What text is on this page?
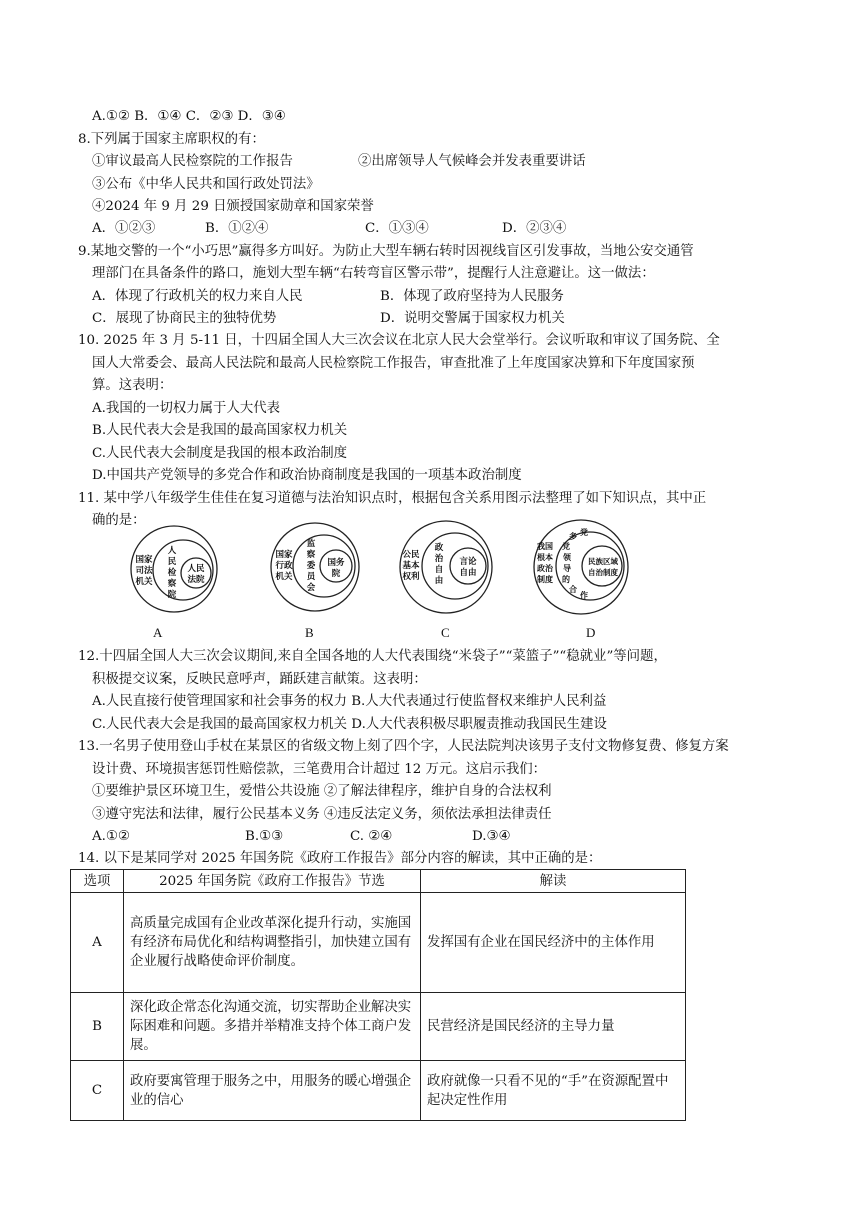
A.①② B．①④ C．②③ D．③④
8.下列属于国家主席职权的有：
①审议最高人民检察院的工作报告	②出席领导人气候峰会并发表重要讲话
③公布《中华人民共和国行政处罚法》
④2024 年 9 月 29 日颁授国家勋章和国家荣誉
A．①②③	B．①②④	C．①③④	D．②③④
9.某地交警的一个“小巧思”赢得多方叫好。为防止大型车辆右转时因视线盲区引发事故，当地公安交通管
理部门在具备条件的路口，施划大型车辆“右转弯盲区警示带”，提醒行人注意避让。这一做法：
A．体现了行政机关的权力来自人民	B．体现了政府坚持为人民服务
C．展现了协商民主的独特优势	D．说明交警属于国家权力机关
10. 2025 年 3 月 5-11 日，十四届全国人大三次会议在北京人民大会堂举行。会议听取和审议了国务院、全
国人大常委会、最高人民法院和最高人民检察院工作报告，审查批准了上年度国家决算和下年度国家预
算。这表明：
A.我国的一切权力属于人大代表
B.人民代表大会是我国的最高国家权力机关
C.人民代表大会制度是我国的根本政治制度
D.中国共产党领导的多党合作和政治协商制度是我国的一项基本政治制度
11. 某中学八年级学生佳佳在复习道德与法治知识点时，根据包含关系用图示法整理了如下知识点，其中正
确的是：
国家
司法
机关
人
民
检
察
院
人民
法院
国家
行政
机关
监
察
委
员
会
国务
院
公民
基本
权利
政
治
自
由
言论
自由
我国
根本
政治
制度
党
领
导
的
多 党
合
作
民族区域
自治制度
A	B	C	D
12.十四届全国人大三次会议期间,来自全国各地的人大代表围绕“米袋子”“菜篮子”“稳就业”等问题，
积极提交议案，反映民意呼声，踊跃建言献策。这表明：
A.人民直接行使管理国家和社会事务的权力 B.人大代表通过行使监督权来维护人民利益
C.人民代表大会是我国的最高国家权力机关 D.人大代表积极尽职履责推动我国民生建设
13.一名男子使用登山手杖在某景区的省级文物上刻了四个字，人民法院判决该男子支付文物修复费、修复方案
设计费、环境损害惩罚性赔偿款，三笔费用合计超过 12 万元。这启示我们：
①要维护景区环境卫生，爱惜公共设施 ②了解法律程序，维护自身的合法权利
③遵守宪法和法律，履行公民基本义务 ④违反法定义务，须依法承担法律责任
A.①②	B.①③	C. ②④	D.③④
14. 以下是某同学对 2025 年国务院《政府工作报告》部分内容的解读，其中正确的是：
选项	2025 年国务院《政府工作报告》节选	解读
A	高质量完成国有企业改革深化提升行动，实施国有经济布局优化和结构调整指引，加快建立国有企业履行战略使命评价制度。	发挥国有企业在国民经济中的主体作用
B	深化政企常态化沟通交流，切实帮助企业解决实际困难和问题。多措并举精准支持个体工商户发展。	民营经济是国民经济的主导力量
C	政府要寓管理于服务之中，用服务的暖心增强企业的信心	政府就像一只看不见的“手”在资源配置中起决定性作用
